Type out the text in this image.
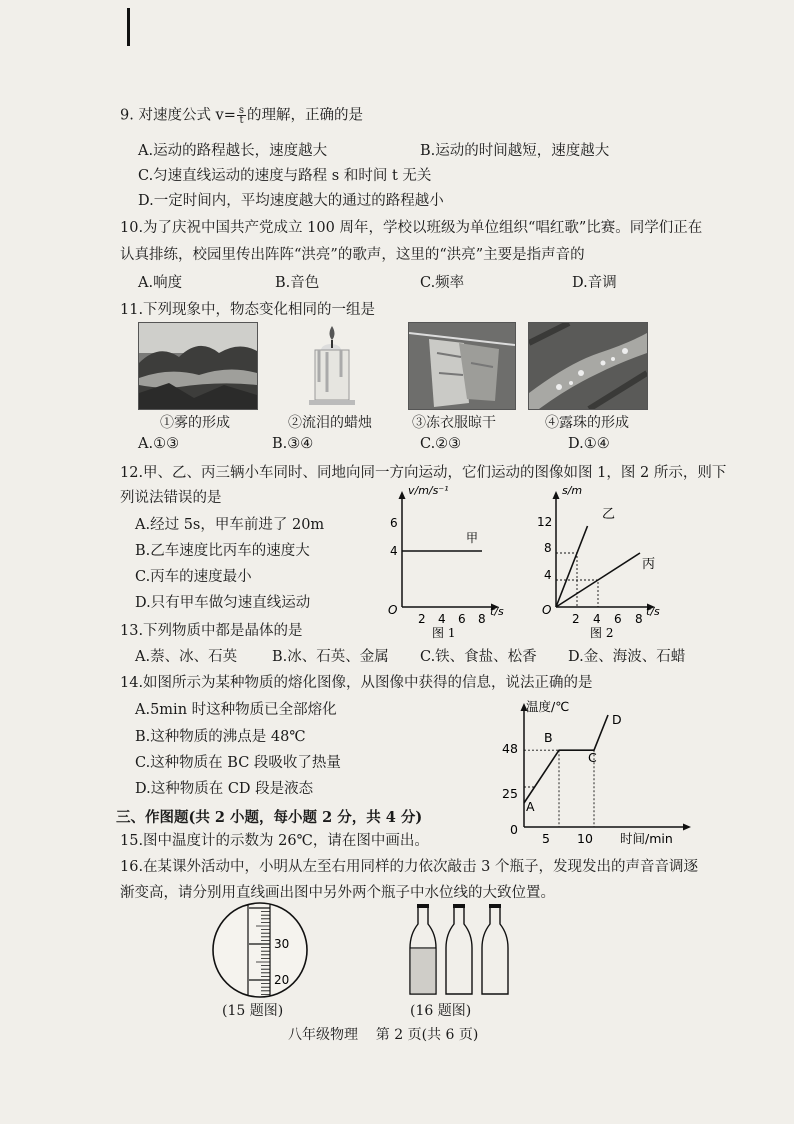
9. 对速度公式 $v= \frac{s}{t}$ 的理解，正确的是
A.运动的路程越长，速度越大	B.运动的时间越短，速度越大
C.匀速直线运动的速度与路程 s 和时间 t 无关
D.一定时间内，平均速度越大的通过的路程越小
10.为了庆祝中国共产党成立 100 周年，学校以班级为单位组织“唱红歌”比赛。同学们正在
认真排练，校园里传出阵阵“洪亮”的歌声，这里的“洪亮”主要是指声音的
A.响度	B.音色	C.频率	D.音调
11.下列现象中，物态变化相同的一组是
①雾的形成	②流泪的蜡烛	③冻衣服晾干	④露珠的形成
A.①③	B.③④	C.②③	D.①④
12.甲、乙、丙三辆小车同时、同地向同一方向运动，它们运动的图像如图 1，图 2 所示，则下
列说法错误的是
A.经过 5s，甲车前进了 20m
B.乙车速度比丙车的速度大
C.丙车的速度最小
D.只有甲车做匀速直线运动
v/m/s⁻¹
t/s
O
4
6
2 4 6 8
甲
图 1
s/m
t/s
O
4
8
12
2 4 6 8
乙
丙
图 2
13.下列物质中都是晶体的是
A.萘、冰、石英 B.冰、石英、金属 C.铁、食盐、松香 D.金、海波、石蜡
14.如图所示为某种物质的熔化图像，从图像中获得的信息，说法正确的是
A.5min 时这种物质已全部熔化
B.这种物质的沸点是 48℃
C.这种物质在 BC 段吸收了热量
D.这种物质在 CD 段是液态
温度/℃
时间/min
0
48
25
5 10
A
B
C
D
三、作图题(共 2 小题，每小题 2 分，共 4 分)
15.图中温度计的示数为 26℃，请在图中画出。
16.在某课外活动中，小明从左至右用同样的力依次敲击 3 个瓶子，发现发出的声音音调逐
渐变高，请分别用直线画出图中另外两个瓶子中水位线的大致位置。
30
20
(15 题图)	(16 题图)
八年级物理    第 2 页(共 6 页)
